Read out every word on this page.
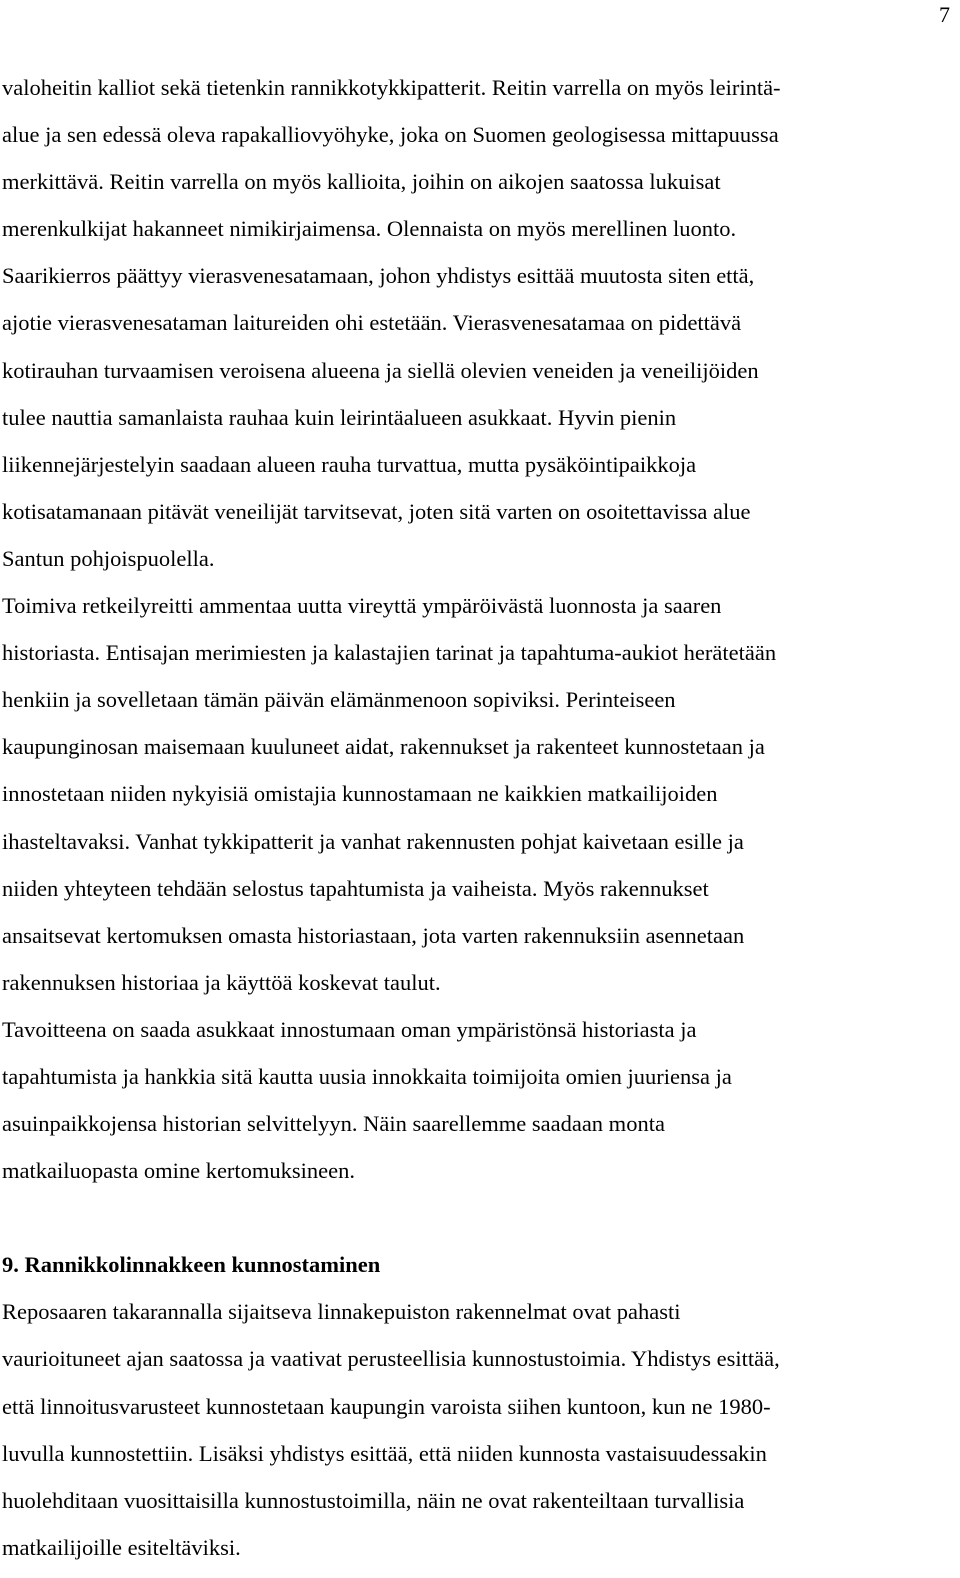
7

valoheitin kalliot sekä tietenkin rannikkotykkipatterit. Reitin varrella on myös leirintä-
alue ja sen edessä oleva rapakalliovyöhyke, joka on Suomen geologisessa mittapuussa
merkittävä. Reitin varrella on myös kallioita, joihin on aikojen saatossa lukuisat
merenkulkijat hakanneet nimikirjaimensa. Olennaista on myös merellinen luonto.
Saarikierros päättyy vierasvenesatamaan, johon yhdistys esittää muutosta siten että,
ajotie vierasvenesataman laitureiden ohi estetään. Vierasvenesatamaa on pidettävä
kotirauhan turvaamisen veroisena alueena ja siellä olevien veneiden ja veneilijöiden
tulee nauttia samanlaista rauhaa kuin leirintäalueen asukkaat. Hyvin pienin
liikennejärjestelyin saadaan alueen rauha turvattua, mutta pysäköintipaikkoja
kotisatamanaan pitävät veneilijät tarvitsevat, joten sitä varten on osoitettavissa alue
Santun pohjoispuolella.

Toimiva retkeilyreitti ammentaa uutta vireyttä ympäröivästä luonnosta ja saaren
historiasta. Entisajan merimiesten ja kalastajien tarinat ja tapahtuma-aukiot herätetään
henkiin ja sovelletaan tämän päivän elämänmenoon sopiviksi. Perinteiseen
kaupunginosan maisemaan kuuluneet aidat, rakennukset ja rakenteet kunnostetaan ja
innostetaan niiden nykyisiä omistajia kunnostamaan ne kaikkien matkailijoiden
ihasteltavaksi. Vanhat tykkipatterit ja vanhat rakennusten pohjat kaivetaan esille ja
niiden yhteyteen tehdään selostus tapahtumista ja vaiheista. Myös rakennukset
ansaitsevat kertomuksen omasta historiastaan, jota varten rakennuksiin asennetaan
rakennuksen historiaa ja käyttöä koskevat taulut.

Tavoitteena on saada asukkaat innostumaan oman ympäristönsä historiasta ja
tapahtumista ja hankkia sitä kautta uusia innokkaita toimijoita omien juuriensa ja
asuinpaikkojensa historian selvittelyyn. Näin saarellemme saadaan monta
matkailuopasta omine kertomuksineen.

9. Rannikkolinnakkeen kunnostaminen

Reposaaren takarannalla sijaitseva linnakepuiston rakennelmat ovat pahasti
vaurioituneet ajan saatossa ja vaativat perusteellisia kunnostustoimia. Yhdistys esittää,
että linnoitusvarusteet kunnostetaan kaupungin varoista siihen kuntoon, kun ne 1980-
luvulla kunnostettiin. Lisäksi yhdistys esittää, että niiden kunnosta vastaisuudessakin
huolehditaan vuosittaisilla kunnostustoimilla, näin ne ovat rakenteiltaan turvallisia
matkailijoille esiteltäviksi.
